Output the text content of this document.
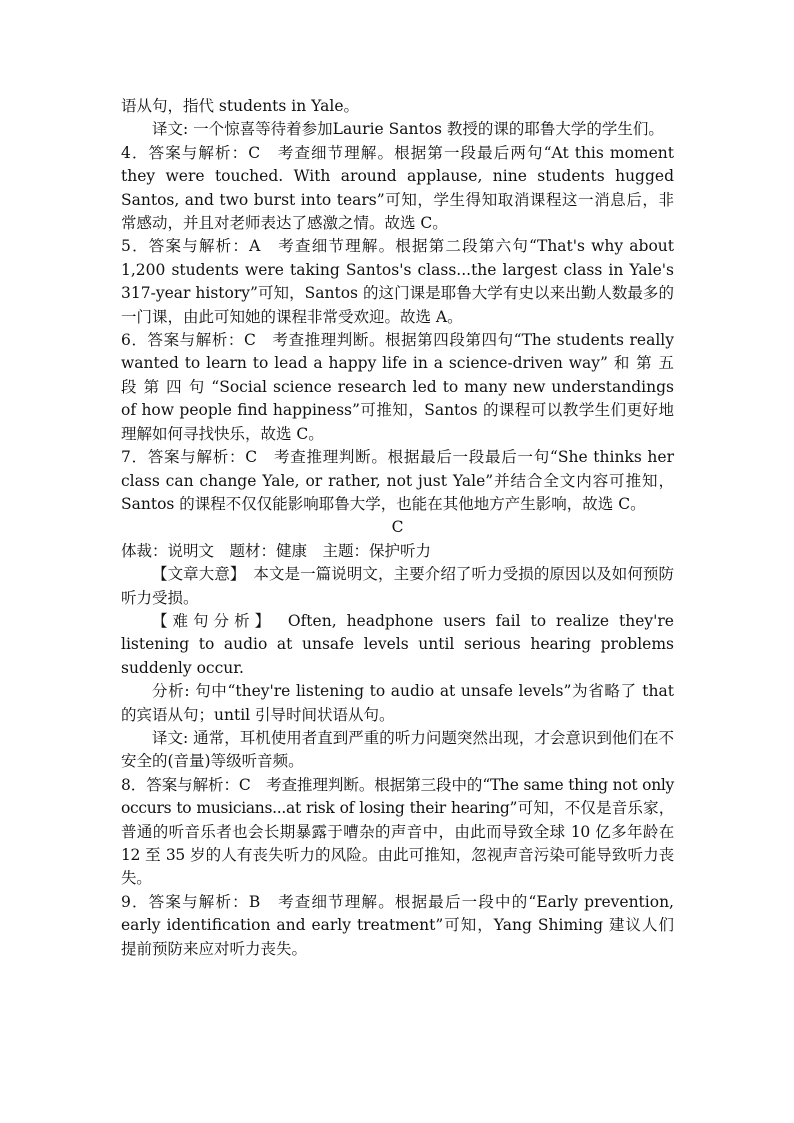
语从句，指代 students in Yale。

译文: 一个惊喜等待着参加Laurie Santos 教授的课的耶鲁大学的学生们。

4．答案与解析：C　考查细节理解。根据第一段最后两句“At this moment they were touched. With around applause, nine students hugged Santos, and two burst into tears”可知，学生得知取消课程这一消息后，非常感动，并且对老师表达了感激之情。故选 C。

5．答案与解析：A　考查细节理解。根据第二段第六句“That's why about 1,200 students were taking Santos's class...the largest class in Yale's 317-year history”可知，Santos 的这门课是耶鲁大学有史以来出勤人数最多的一门课，由此可知她的课程非常受欢迎。故选 A。

6．答案与解析：C　考查推理判断。根据第四段第四句“The students really wanted to learn to lead a happy life in a science-driven way” 和 第 五 段 第 四 句 “Social science research led to many new understandings of how people find happiness”可推知，Santos 的课程可以教学生们更好地理解如何寻找快乐，故选 C。

7．答案与解析：C　考查推理判断。根据最后一段最后一句“She thinks her class can change Yale, or rather, not just Yale”并结合全文内容可推知，Santos 的课程不仅仅能影响耶鲁大学，也能在其他地方产生影响，故选 C。

C

体裁：说明文　题材：健康　主题：保护听力

【文章大意】　本文是一篇说明文，主要介绍了听力受损的原因以及如何预防听力受损。

【难句分析】　Often, headphone users fail to realize they're listening to audio at unsafe levels until serious hearing problems suddenly occur.

分析: 句中“they're listening to audio at unsafe levels”为省略了 that 的宾语从句；until 引导时间状语从句。

译文: 通常，耳机使用者直到严重的听力问题突然出现，才会意识到他们在不安全的(音量)等级听音频。

8．答案与解析：C　考查推理判断。根据第三段中的“The same thing not only occurs to musicians...at risk of losing their hearing”可知，不仅是音乐家，普通的听音乐者也会长期暴露于嘈杂的声音中，由此而导致全球 10 亿多年龄在 12 至 35 岁的人有丧失听力的风险。由此可推知，忽视声音污染可能导致听力丧失。

9．答案与解析：B　考查细节理解。根据最后一段中的“Early prevention, early identification and early treatment”可知，Yang Shiming 建议人们提前预防来应对听力丧失。
